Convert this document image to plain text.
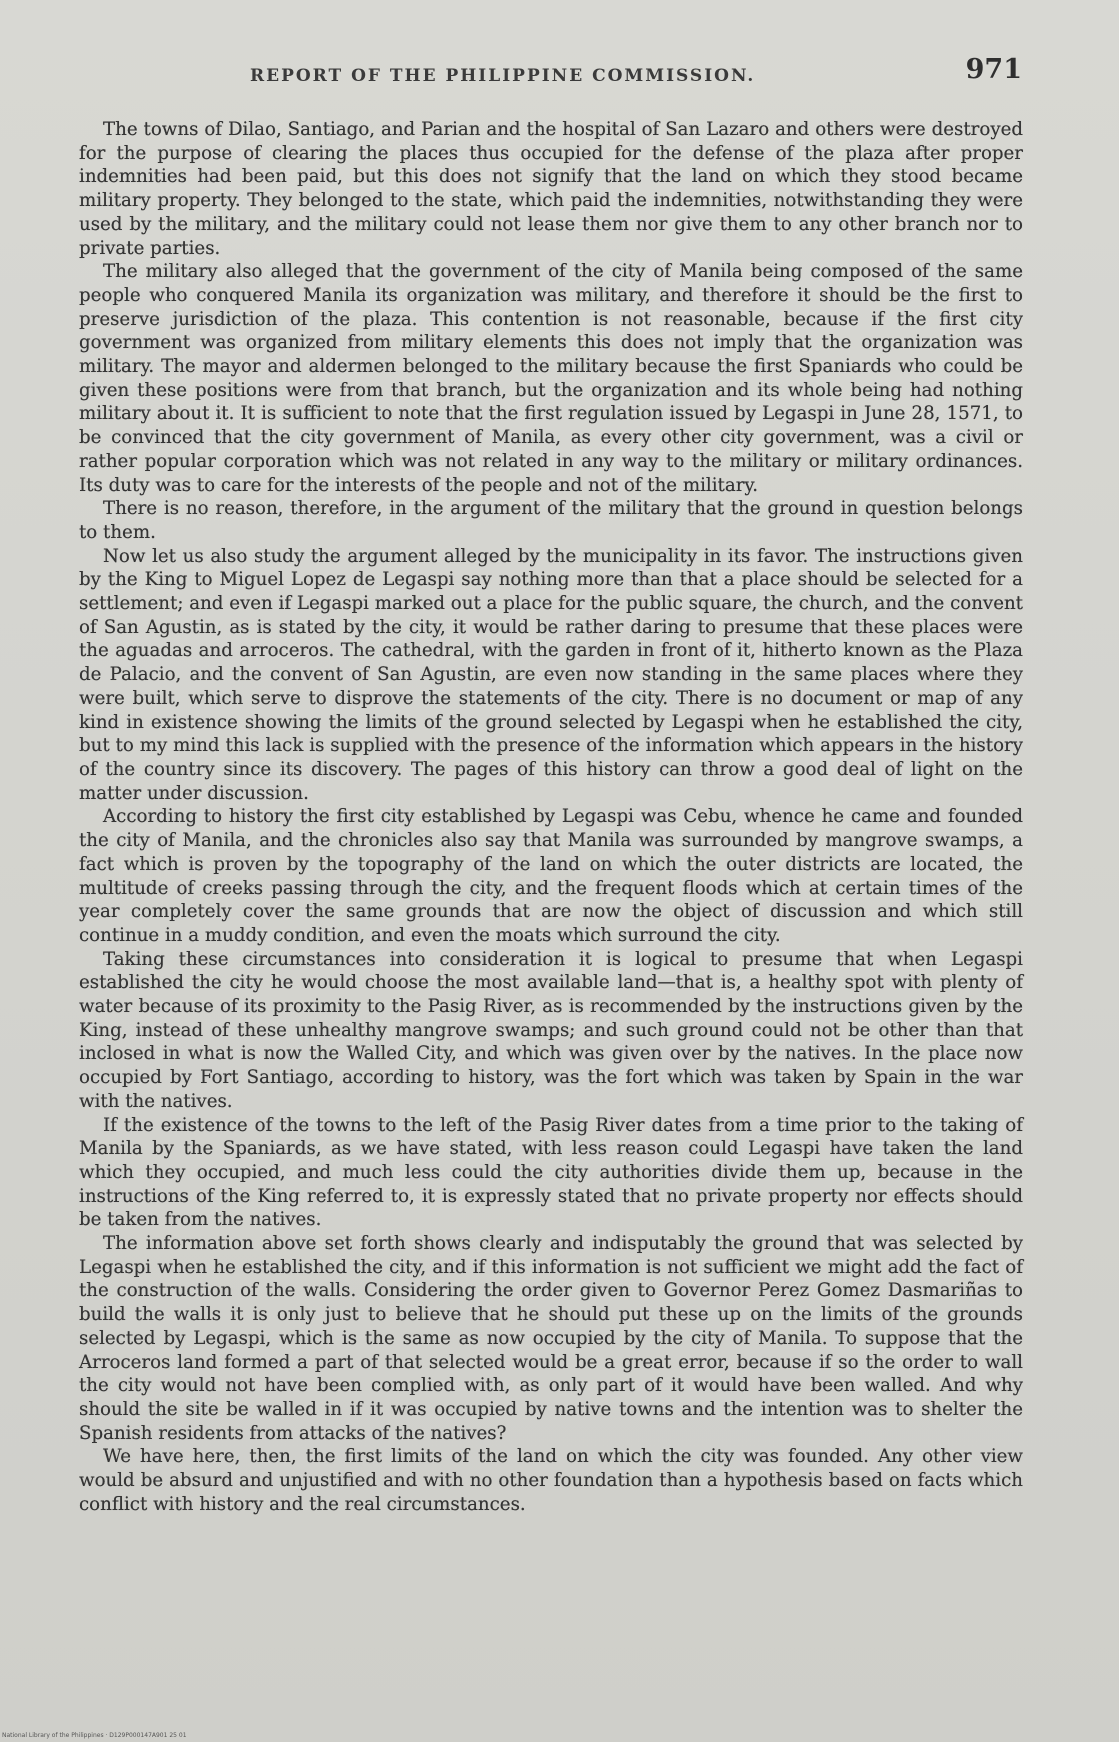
REPORT OF THE PHILIPPINE COMMISSION.	971

The towns of Dilao, Santiago, and Parian and the hospital of San Lazaro and others were destroyed for the purpose of clearing the places thus occupied for the defense of the plaza after proper indemnities had been paid, but this does not signify that the land on which they stood became military property. They belonged to the state, which paid the indemnities, notwithstanding they were used by the military, and the military could not lease them nor give them to any other branch nor to private parties.

The military also alleged that the government of the city of Manila being composed of the same people who conquered Manila its organization was military, and therefore it should be the first to preserve jurisdiction of the plaza. This contention is not reasonable, because if the first city government was organized from military elements this does not imply that the organization was military. The mayor and aldermen belonged to the military because the first Spaniards who could be given these positions were from that branch, but the organization and its whole being had nothing military about it. It is sufficient to note that the first regulation issued by Legaspi in June 28, 1571, to be convinced that the city government of Manila, as every other city government, was a civil or rather popular corporation which was not related in any way to the military or military ordinances. Its duty was to care for the interests of the people and not of the military.

There is no reason, therefore, in the argument of the military that the ground in question belongs to them.

Now let us also study the argument alleged by the municipality in its favor. The instructions given by the King to Miguel Lopez de Legaspi say nothing more than that a place should be selected for a settlement; and even if Legaspi marked out a place for the public square, the church, and the convent of San Agustin, as is stated by the city, it would be rather daring to presume that these places were the aguadas and arroceros. The cathedral, with the garden in front of it, hitherto known as the Plaza de Palacio, and the convent of San Agustin, are even now standing in the same places where they were built, which serve to disprove the statements of the city. There is no document or map of any kind in existence showing the limits of the ground selected by Legaspi when he established the city, but to my mind this lack is supplied with the presence of the information which appears in the history of the country since its discovery. The pages of this history can throw a good deal of light on the matter under discussion.

According to history the first city established by Legaspi was Cebu, whence he came and founded the city of Manila, and the chronicles also say that Manila was surrounded by mangrove swamps, a fact which is proven by the topography of the land on which the outer districts are located, the multitude of creeks passing through the city, and the frequent floods which at certain times of the year completely cover the same grounds that are now the object of discussion and which still continue in a muddy condition, and even the moats which surround the city.

Taking these circumstances into consideration it is logical to presume that when Legaspi established the city he would choose the most available land—that is, a healthy spot with plenty of water because of its proximity to the Pasig River, as is recommended by the instructions given by the King, instead of these unhealthy mangrove swamps; and such ground could not be other than that inclosed in what is now the Walled City, and which was given over by the natives. In the place now occupied by Fort Santiago, according to history, was the fort which was taken by Spain in the war with the natives.

If the existence of the towns to the left of the Pasig River dates from a time prior to the taking of Manila by the Spaniards, as we have stated, with less reason could Legaspi have taken the land which they occupied, and much less could the city authorities divide them up, because in the instructions of the King referred to, it is expressly stated that no private property nor effects should be taken from the natives.

The information above set forth shows clearly and indisputably the ground that was selected by Legaspi when he established the city, and if this information is not sufficient we might add the fact of the construction of the walls. Considering the order given to Governor Perez Gomez Dasmariñas to build the walls it is only just to believe that he should put these up on the limits of the grounds selected by Legaspi, which is the same as now occupied by the city of Manila. To suppose that the Arroceros land formed a part of that selected would be a great error, because if so the order to wall the city would not have been complied with, as only part of it would have been walled. And why should the site be walled in if it was occupied by native towns and the intention was to shelter the Spanish residents from attacks of the natives?

We have here, then, the first limits of the land on which the city was founded. Any other view would be absurd and unjustified and with no other foundation than a hypothesis based on facts which conflict with history and the real circumstances.

National Library of the Philippines · D129P000147A901 25 01
